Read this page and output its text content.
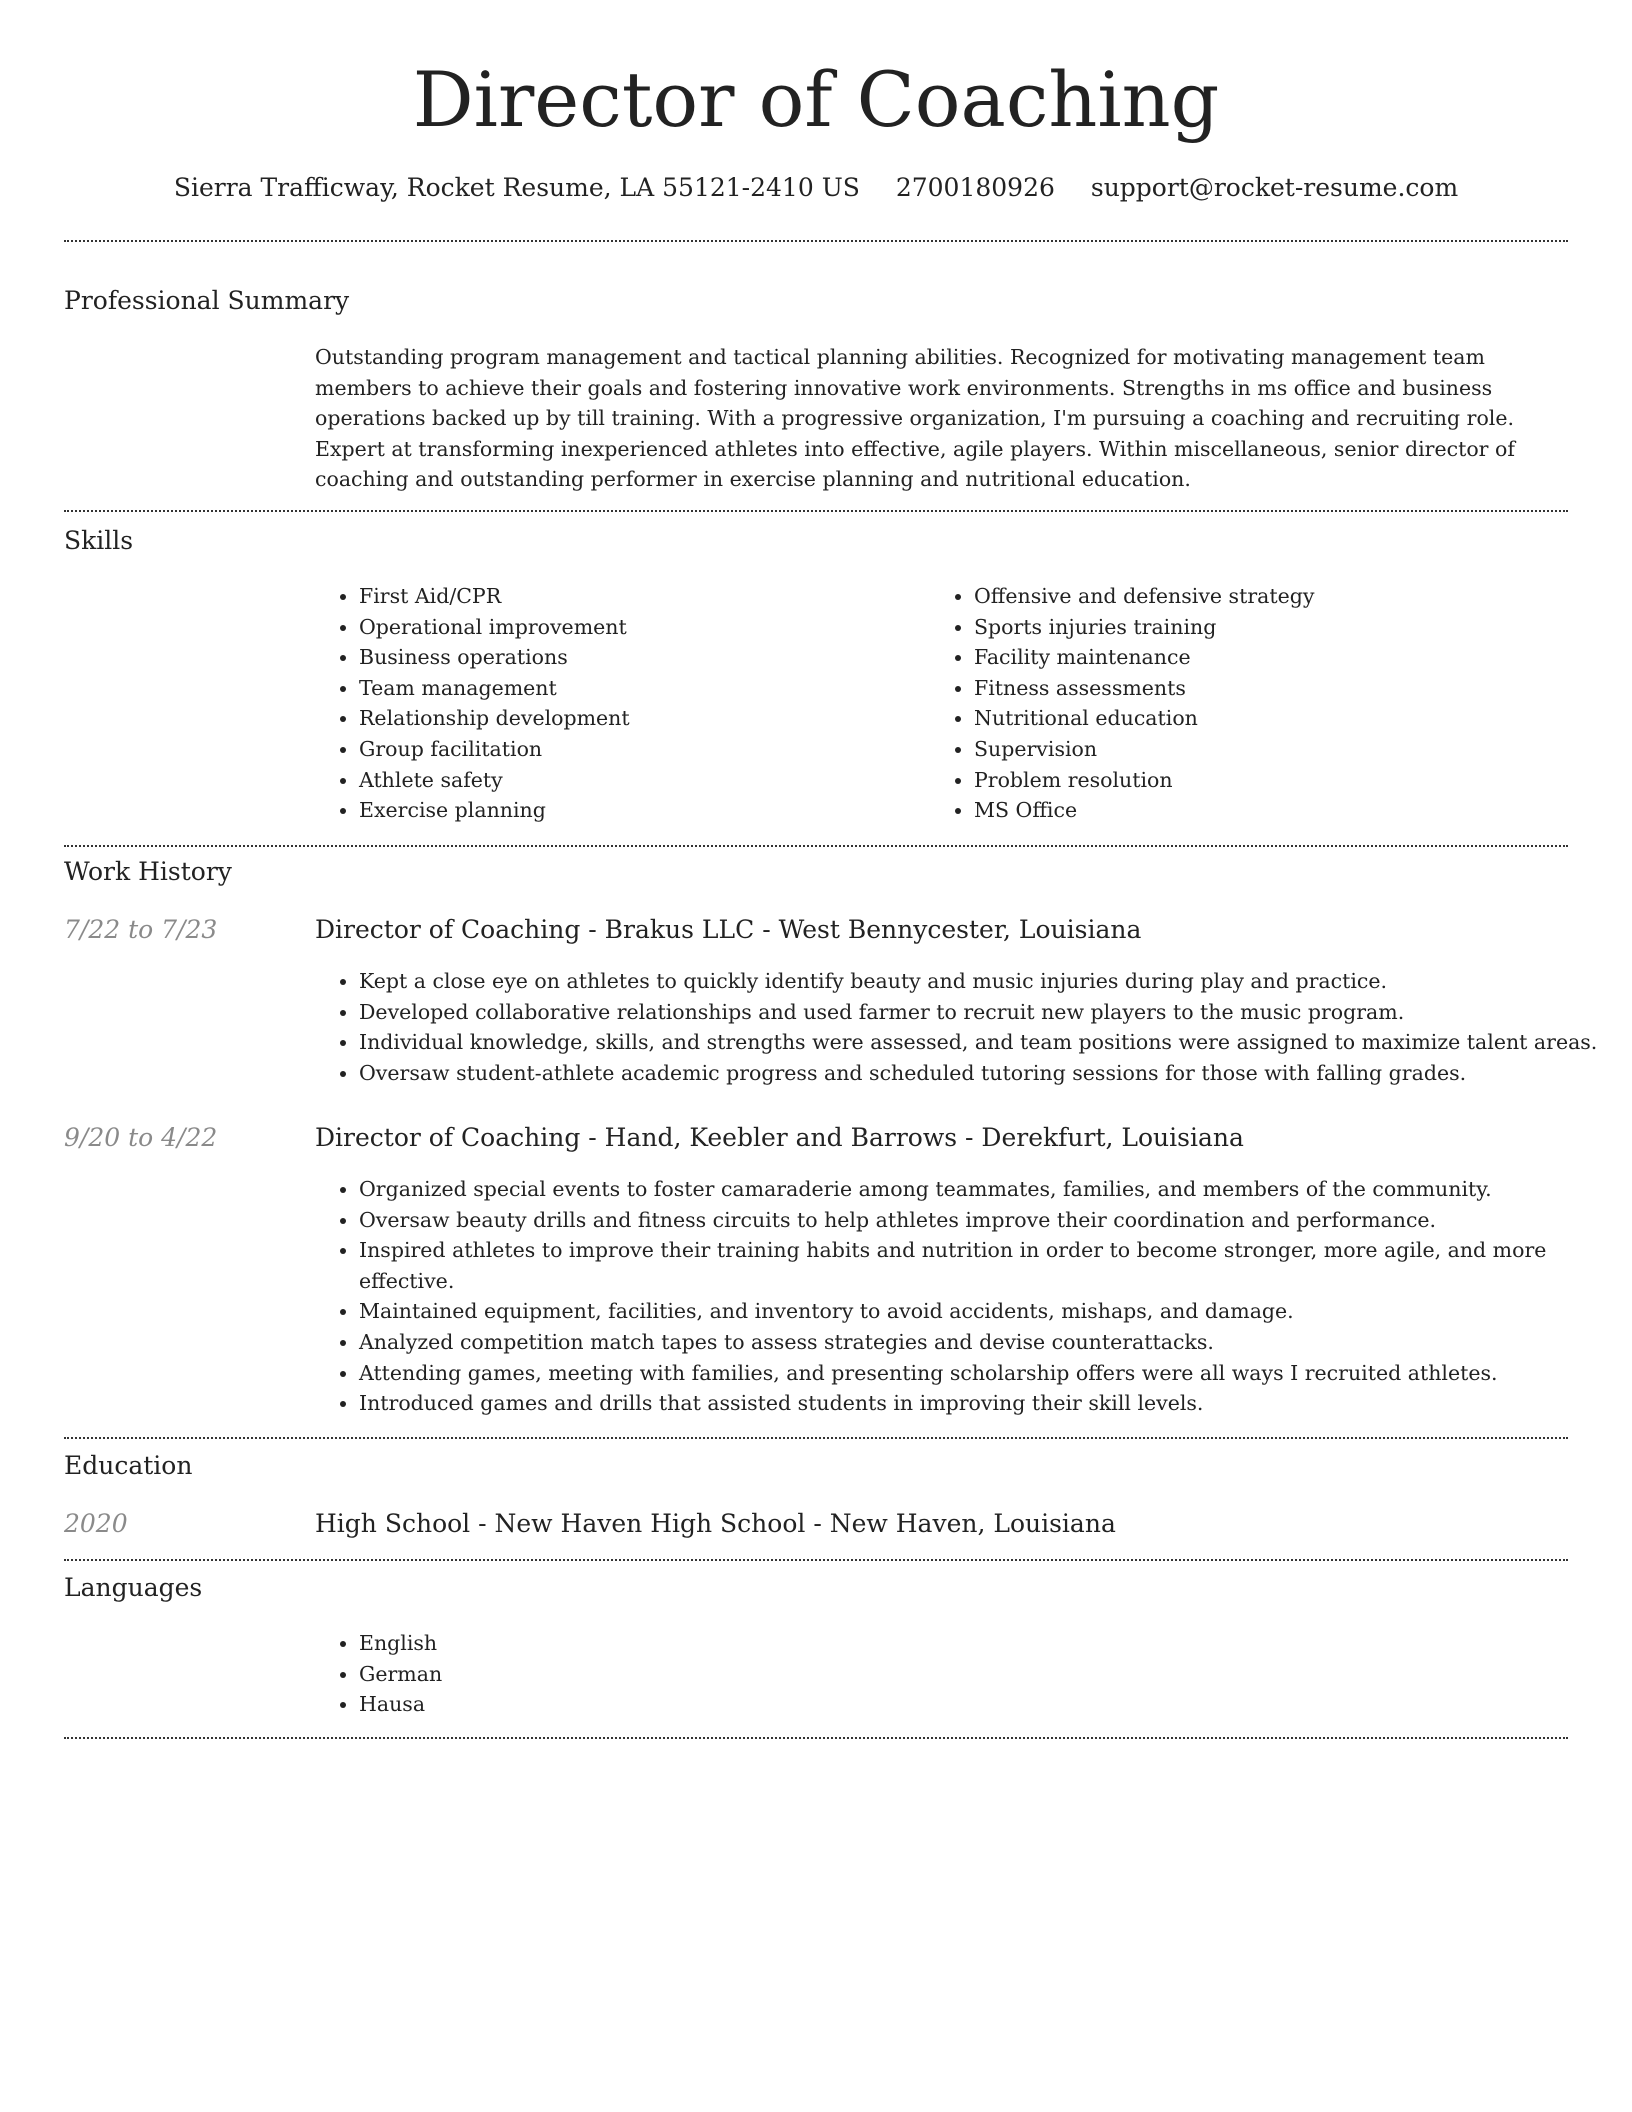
Director of Coaching
Sierra Trafficway, Rocket Resume, LA 55121-2410 US 2700180926 support@rocket-resume.com
Professional Summary

Outstanding program management and tactical planning abilities. Recognized for motivating management team members to achieve their goals and fostering innovative work environments. Strengths in ms office and business operations backed up by till training. With a progressive organization, I'm pursuing a coaching and recruiting role. Expert at transforming inexperienced athletes into effective, agile players. Within miscellaneous, senior director of coaching and outstanding performer in exercise planning and nutritional education.

Skills
• First Aid/CPR
• Operational improvement
• Business operations
• Team management
• Relationship development
• Group facilitation
• Athlete safety
• Exercise planning
• Offensive and defensive strategy
• Sports injuries training
• Facility maintenance
• Fitness assessments
• Nutritional education
• Supervision
• Problem resolution
• MS Office
Work History
7/22 to 7/23	Director of Coaching - Brakus LLC - West Bennycester, Louisiana
• Kept a close eye on athletes to quickly identify beauty and music injuries during play and practice.
• Developed collaborative relationships and used farmer to recruit new players to the music program.
• Individual knowledge, skills, and strengths were assessed, and team positions were assigned to maximize talent areas.
• Oversaw student-athlete academic progress and scheduled tutoring sessions for those with falling grades.
9/20 to 4/22	Director of Coaching - Hand, Keebler and Barrows - Derekfurt, Louisiana
• Organized special events to foster camaraderie among teammates, families, and members of the community.
• Oversaw beauty drills and fitness circuits to help athletes improve their coordination and performance.
• Inspired athletes to improve their training habits and nutrition in order to become stronger, more agile, and more effective.
• Maintained equipment, facilities, and inventory to avoid accidents, mishaps, and damage.
• Analyzed competition match tapes to assess strategies and devise counterattacks.
• Attending games, meeting with families, and presenting scholarship offers were all ways I recruited athletes.
• Introduced games and drills that assisted students in improving their skill levels.
Education
2020	High School - New Haven High School - New Haven, Louisiana
Languages
• English
• German
• Hausa
